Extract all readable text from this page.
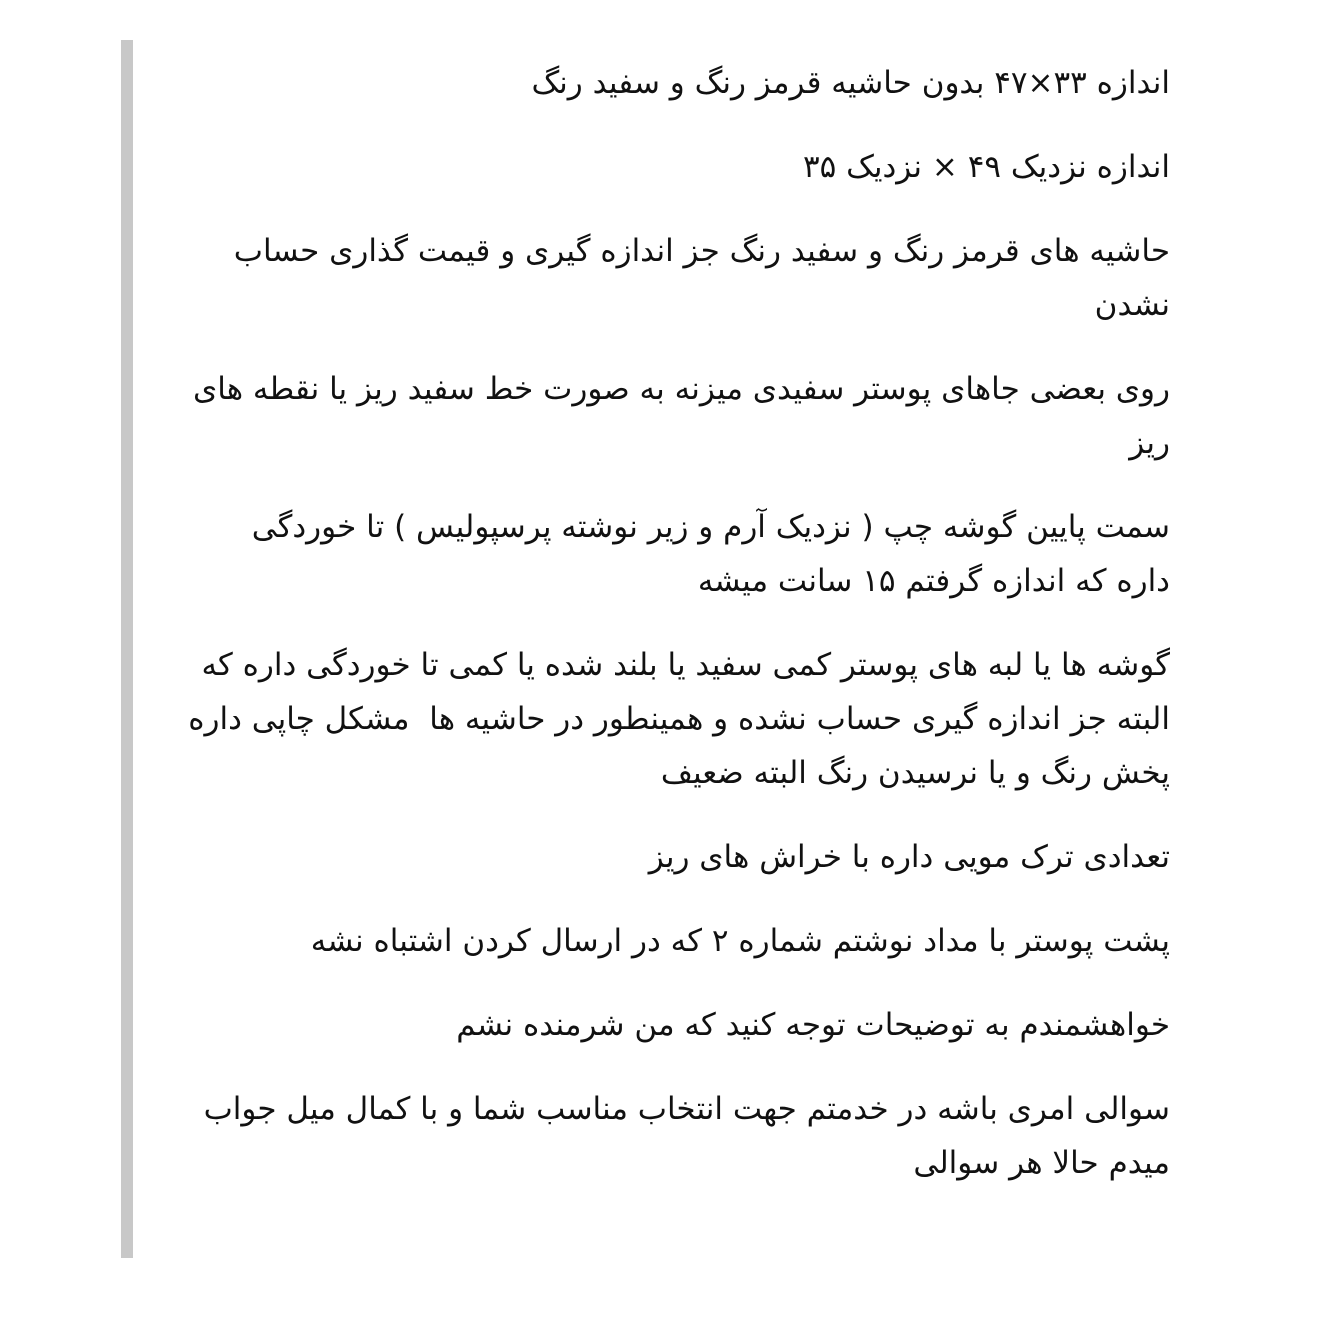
اندازه ۳۳×۴۷ بدون حاشیه قرمز رنگ و سفید رنگ

اندازه نزدیک ۴۹ × نزدیک ۳۵

حاشیه های قرمز رنگ و سفید رنگ جز اندازه گیری و قیمت گذاری حساب نشدن

روی بعضی جاهای پوستر سفیدی میزنه به صورت خط سفید ریز یا نقطه های ریز

سمت پایین گوشه چپ ( نزدیک آرم و زیر نوشته پرسپولیس ) تا خوردگی  داره که اندازه گرفتم ۱۵ سانت میشه

گوشه ها یا لبه های پوستر کمی سفید یا بلند شده یا کمی تا خوردگی داره که البته جز اندازه گیری حساب نشده و همینطور در حاشیه ها  مشکل چاپی داره پخش رنگ و یا نرسیدن رنگ البته ضعیف

تعدادی ترک مویی داره با خراش های ریز

پشت پوستر با مداد نوشتم شماره ۲ که در ارسال کردن اشتباه نشه

خواهشمندم به توضیحات توجه کنید که من شرمنده نشم

سوالی امری باشه در خدمتم جهت انتخاب مناسب شما و با کمال میل جواب میدم حالا هر سوالی
